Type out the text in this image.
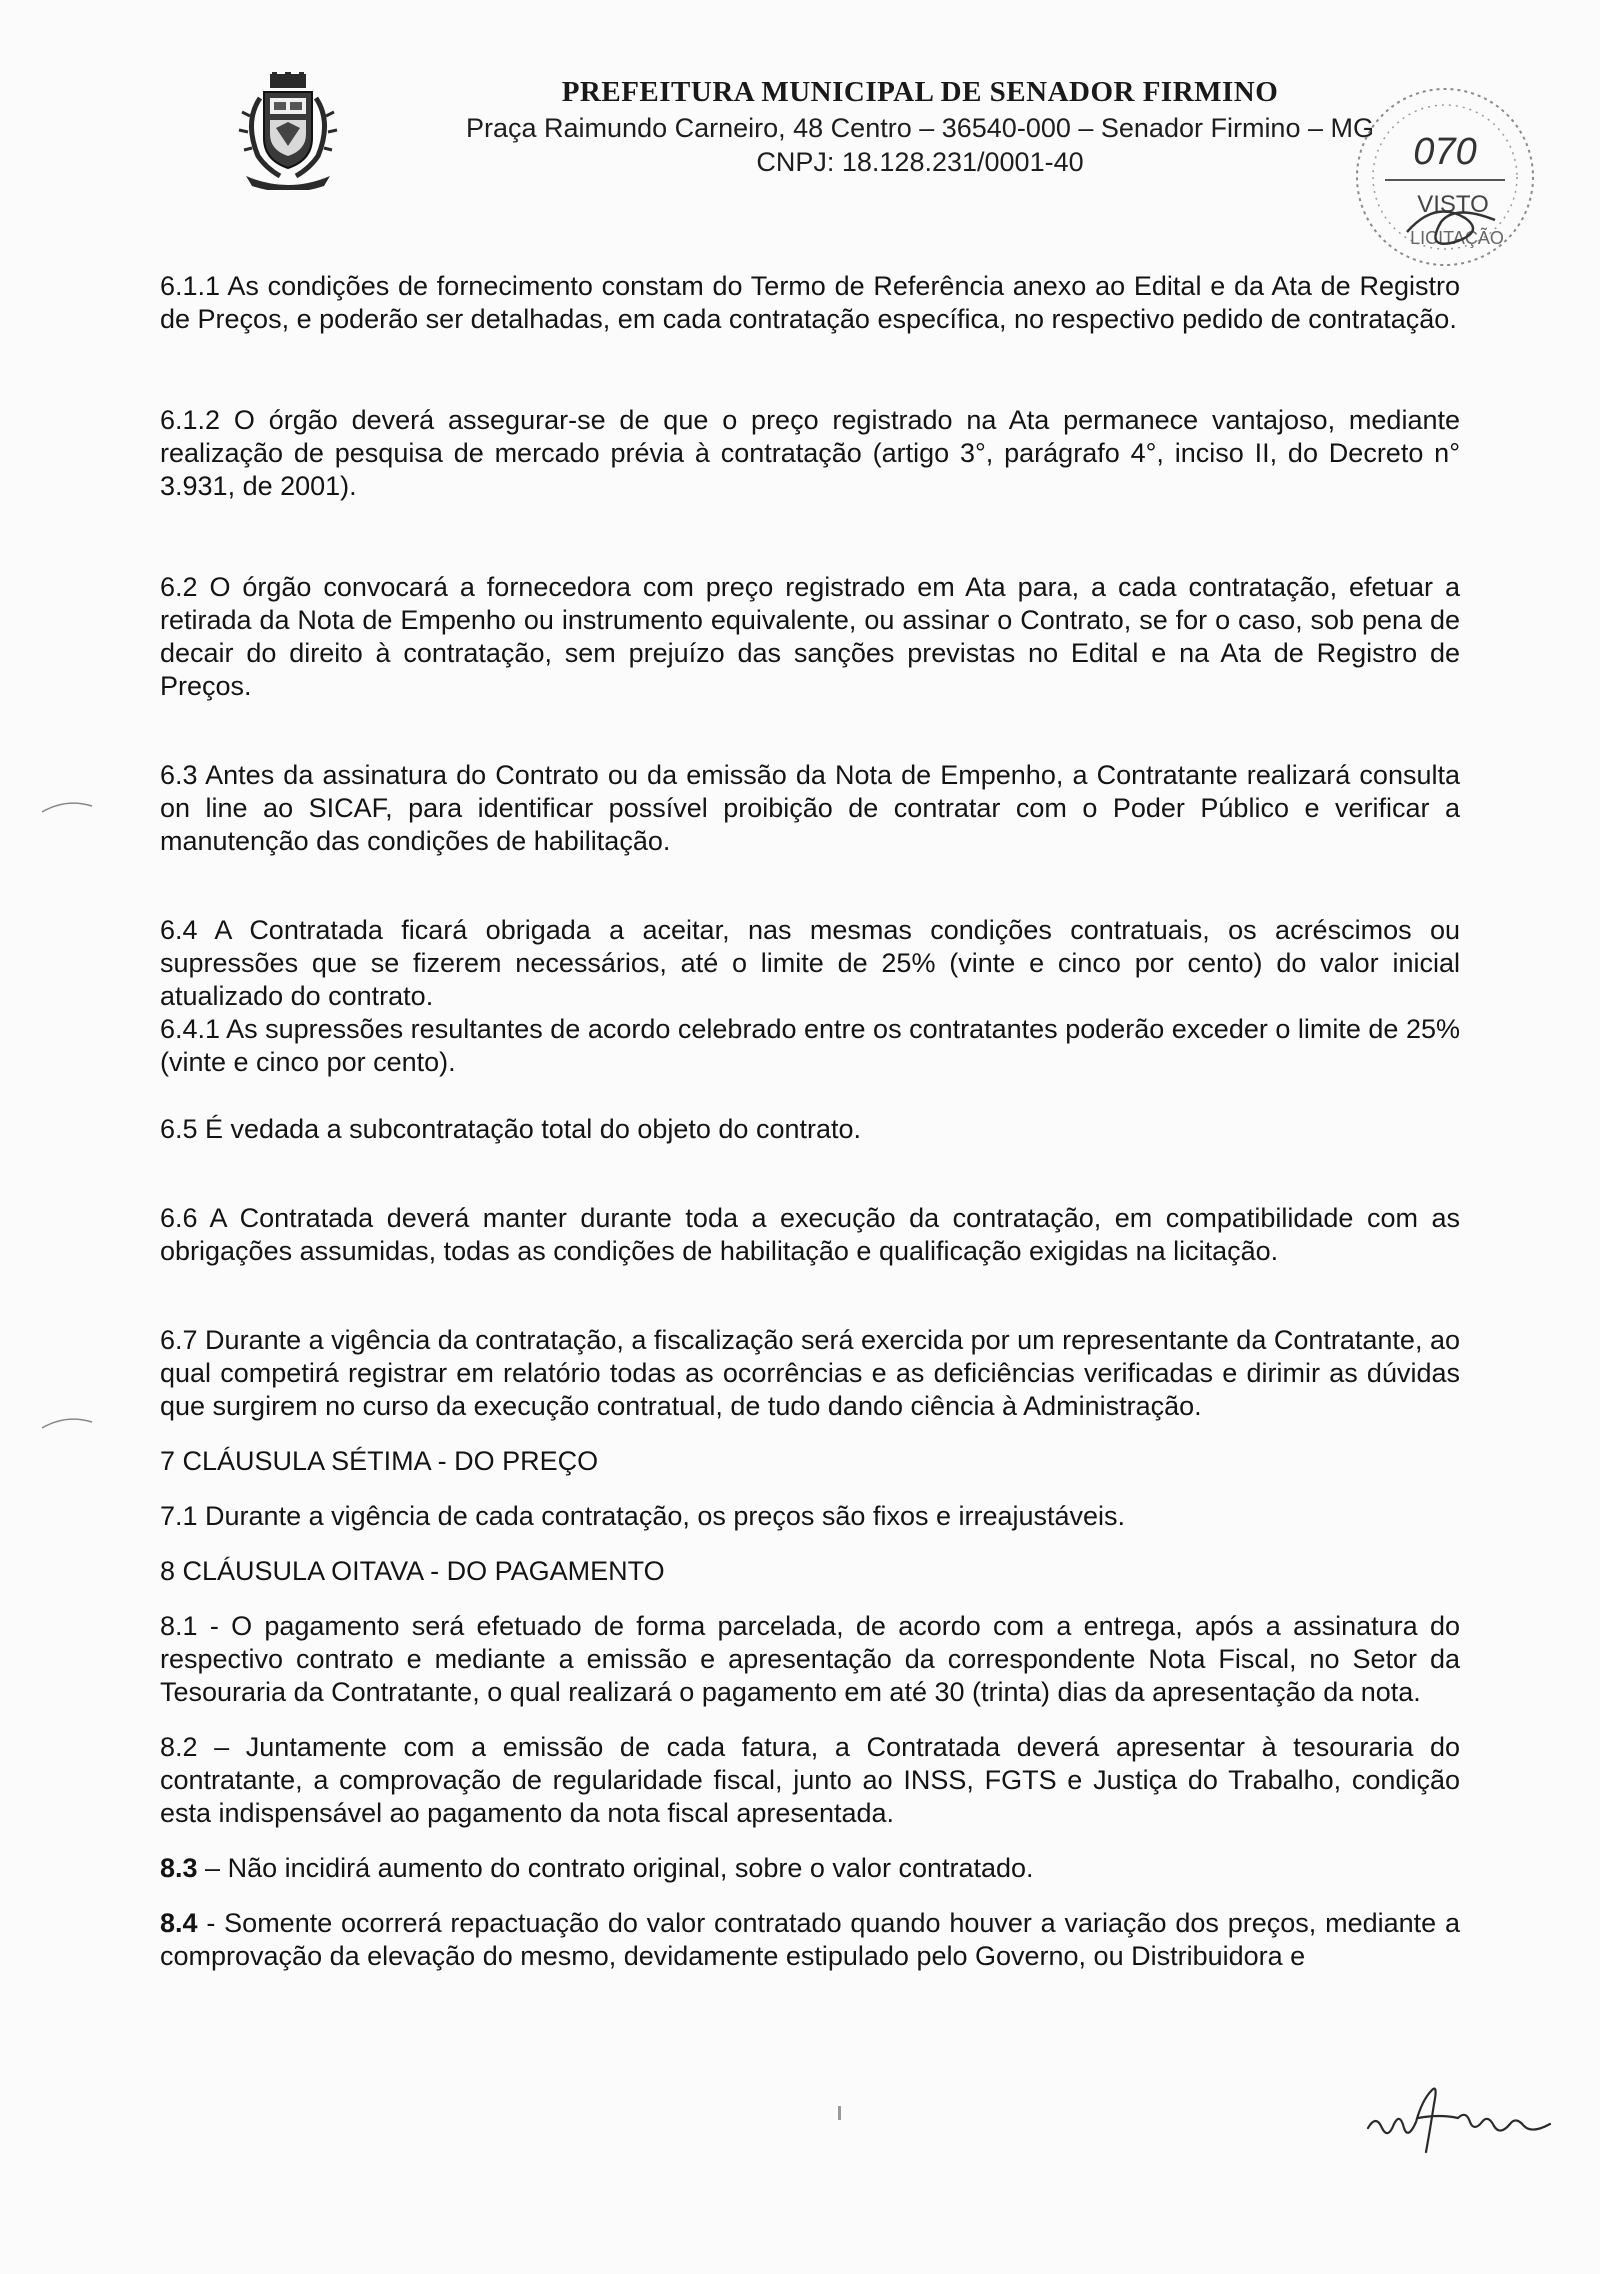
PREFEITURA MUNICIPAL DE SENADOR FIRMINO

Praça Raimundo Carneiro, 48 Centro – 36540-000 – Senador Firmino – MG

CNPJ: 18.128.231/0001-40	070
VISTO
LICITAÇÃO

6.1.1 As condições de fornecimento constam do Termo de Referência anexo ao Edital e da Ata de Registro de Preços, e poderão ser detalhadas, em cada contratação específica, no respectivo pedido de contratação.

6.1.2 O órgão deverá assegurar-se de que o preço registrado na Ata permanece vantajoso, mediante realização de pesquisa de mercado prévia à contratação (artigo 3°, parágrafo 4°, inciso II, do Decreto n° 3.931, de 2001).

6.2 O órgão convocará a fornecedora com preço registrado em Ata para, a cada contratação, efetuar a retirada da Nota de Empenho ou instrumento equivalente, ou assinar o Contrato, se for o caso, sob pena de decair do direito à contratação, sem prejuízo das sanções previstas no Edital e na Ata de Registro de Preços.

6.3 Antes da assinatura do Contrato ou da emissão da Nota de Empenho, a Contratante realizará consulta on line ao SICAF, para identificar possível proibição de contratar com o Poder Público e verificar a manutenção das condições de habilitação.

6.4 A Contratada ficará obrigada a aceitar, nas mesmas condições contratuais, os acréscimos ou supressões que se fizerem necessários, até o limite de 25% (vinte e cinco por cento) do valor inicial atualizado do contrato.

6.4.1 As supressões resultantes de acordo celebrado entre os contratantes poderão exceder o limite de 25% (vinte e cinco por cento).

6.5 É vedada a subcontratação total do objeto do contrato.

6.6 A Contratada deverá manter durante toda a execução da contratação, em compatibilidade com as obrigações assumidas, todas as condições de habilitação e qualificação exigidas na licitação.

6.7 Durante a vigência da contratação, a fiscalização será exercida por um representante da Contratante, ao qual competirá registrar em relatório todas as ocorrências e as deficiências verificadas e dirimir as dúvidas que surgirem no curso da execução contratual, de tudo dando ciência à Administração.

7 CLÁUSULA SÉTIMA - DO PREÇO

7.1 Durante a vigência de cada contratação, os preços são fixos e irreajustáveis.

8 CLÁUSULA OITAVA - DO PAGAMENTO

8.1 - O pagamento será efetuado de forma parcelada, de acordo com a entrega, após a assinatura do respectivo contrato e mediante a emissão e apresentação da correspondente Nota Fiscal, no Setor da Tesouraria da Contratante, o qual realizará o pagamento em até 30 (trinta) dias da apresentação da nota.

8.2 – Juntamente com a emissão de cada fatura, a Contratada deverá apresentar à tesouraria do contratante, a comprovação de regularidade fiscal, junto ao INSS, FGTS e Justiça do Trabalho, condição esta indispensável ao pagamento da nota fiscal apresentada.

8.3 – Não incidirá aumento do contrato original, sobre o valor contratado.

8.4 - Somente ocorrerá repactuação do valor contratado quando houver a variação dos preços, mediante a comprovação da elevação do mesmo, devidamente estipulado pelo Governo, ou Distribuidora e
